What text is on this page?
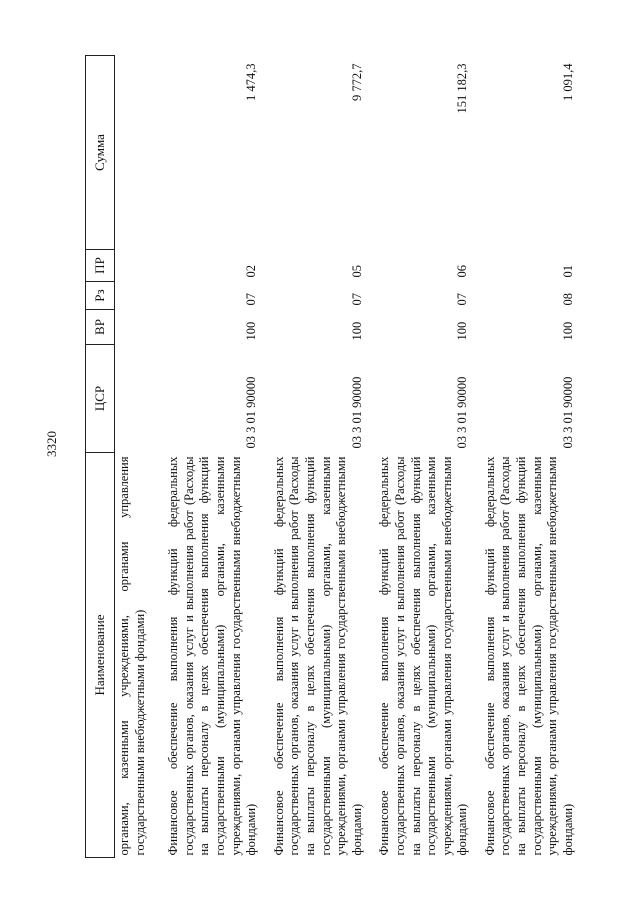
3320
Наименование	ЦСР	ВР	Рз	ПР	Сумма
органами, казенными учреждениями, органами управления государственными внебюджетными фондами)					
Финансовое обеспечение выполнения функций федеральных государственных органов, оказания услуг и выполнения работ (Расходы на выплаты персоналу в целях обеспечения выполнения функций государственными (муниципальными) органами, казенными учреждениями, органами управления государственными внебюджетными фондами)	03 3 01 90000	100	07	02	1 474,3
Финансовое обеспечение выполнения функций федеральных государственных органов, оказания услуг и выполнения работ (Расходы на выплаты персоналу в целях обеспечения выполнения функций государственными (муниципальными) органами, казенными учреждениями, органами управления государственными внебюджетными фондами)	03 3 01 90000	100	07	05	9 772,7
Финансовое обеспечение выполнения функций федеральных государственных органов, оказания услуг и выполнения работ (Расходы на выплаты персоналу в целях обеспечения выполнения функций государственными (муниципальными) органами, казенными учреждениями, органами управления государственными внебюджетными фондами)	03 3 01 90000	100	07	06	151 182,3
Финансовое обеспечение выполнения функций федеральных государственных органов, оказания услуг и выполнения работ (Расходы на выплаты персоналу в целях обеспечения выполнения функций государственными (муниципальными) органами, казенными учреждениями, органами управления государственными внебюджетными фондами)	03 3 01 90000	100	08	01	1 091,4
